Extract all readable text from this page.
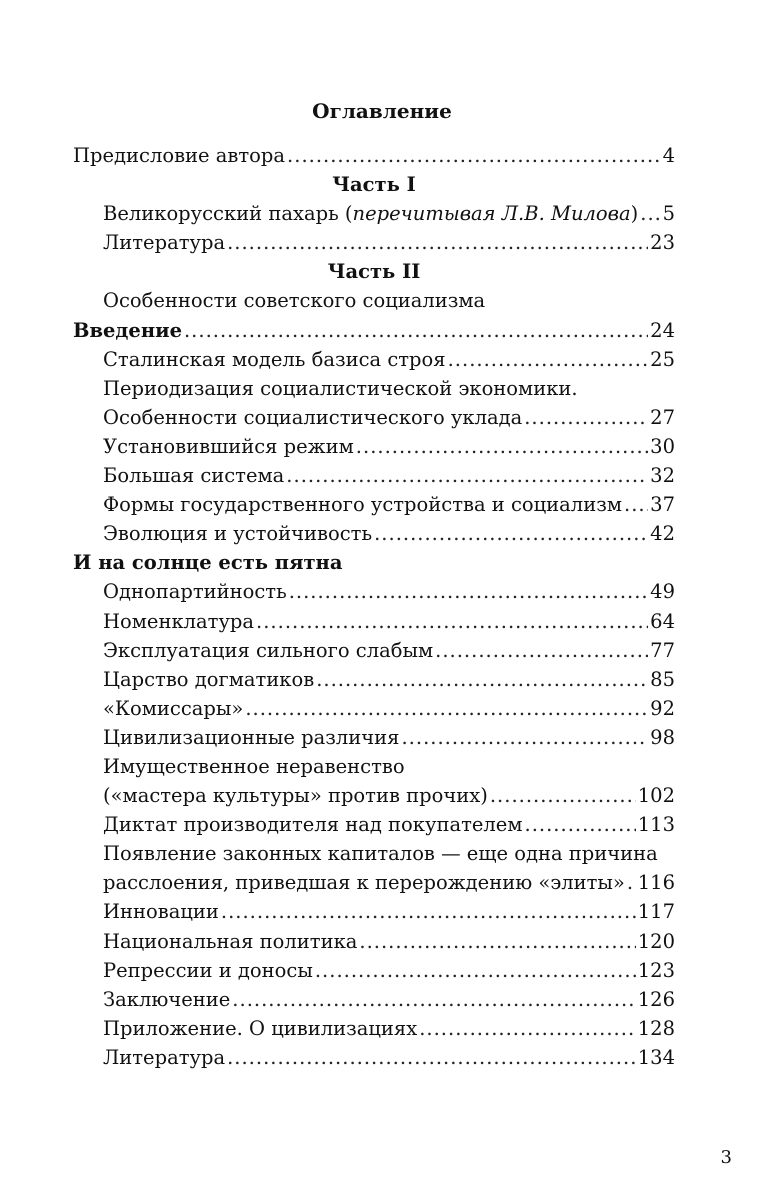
Оглавление
Предисловие автора .....	4
Часть I
Великорусский пахарь (перечитывая Л.В. Милова) ..... 5
Литература .....	23
Часть II
Особенности советского социализма
Введение .....	24
Сталинская модель базиса строя .....	25
Периодизация социалистической экономики.
Особенности социалистического уклада .....	27
Установившийся режим .....	30
Большая система .....	32
Формы государственного устройства и социализм ..... 37
Эволюция и устойчивость .....	42
И на солнце есть пятна
Однопартийность .....	49
Номенклатура .....	64
Эксплуатация сильного слабым .....	77
Царство догматиков .....	85
«Комиссары» .....	92
Цивилизационные различия .....	98
Имущественное неравенство
(«мастера культуры» против прочих) .....	102
Диктат производителя над покупателем .....	113
Появление законных капиталов — еще одна причина
расслоения, приведшая к перерождению «элиты» ..... 116
Инновации .....	117
Национальная политика .....	120
Репрессии и доносы .....	123
Заключение .....	126
Приложение. О цивилизациях .....	128
Литература .....	134
3
